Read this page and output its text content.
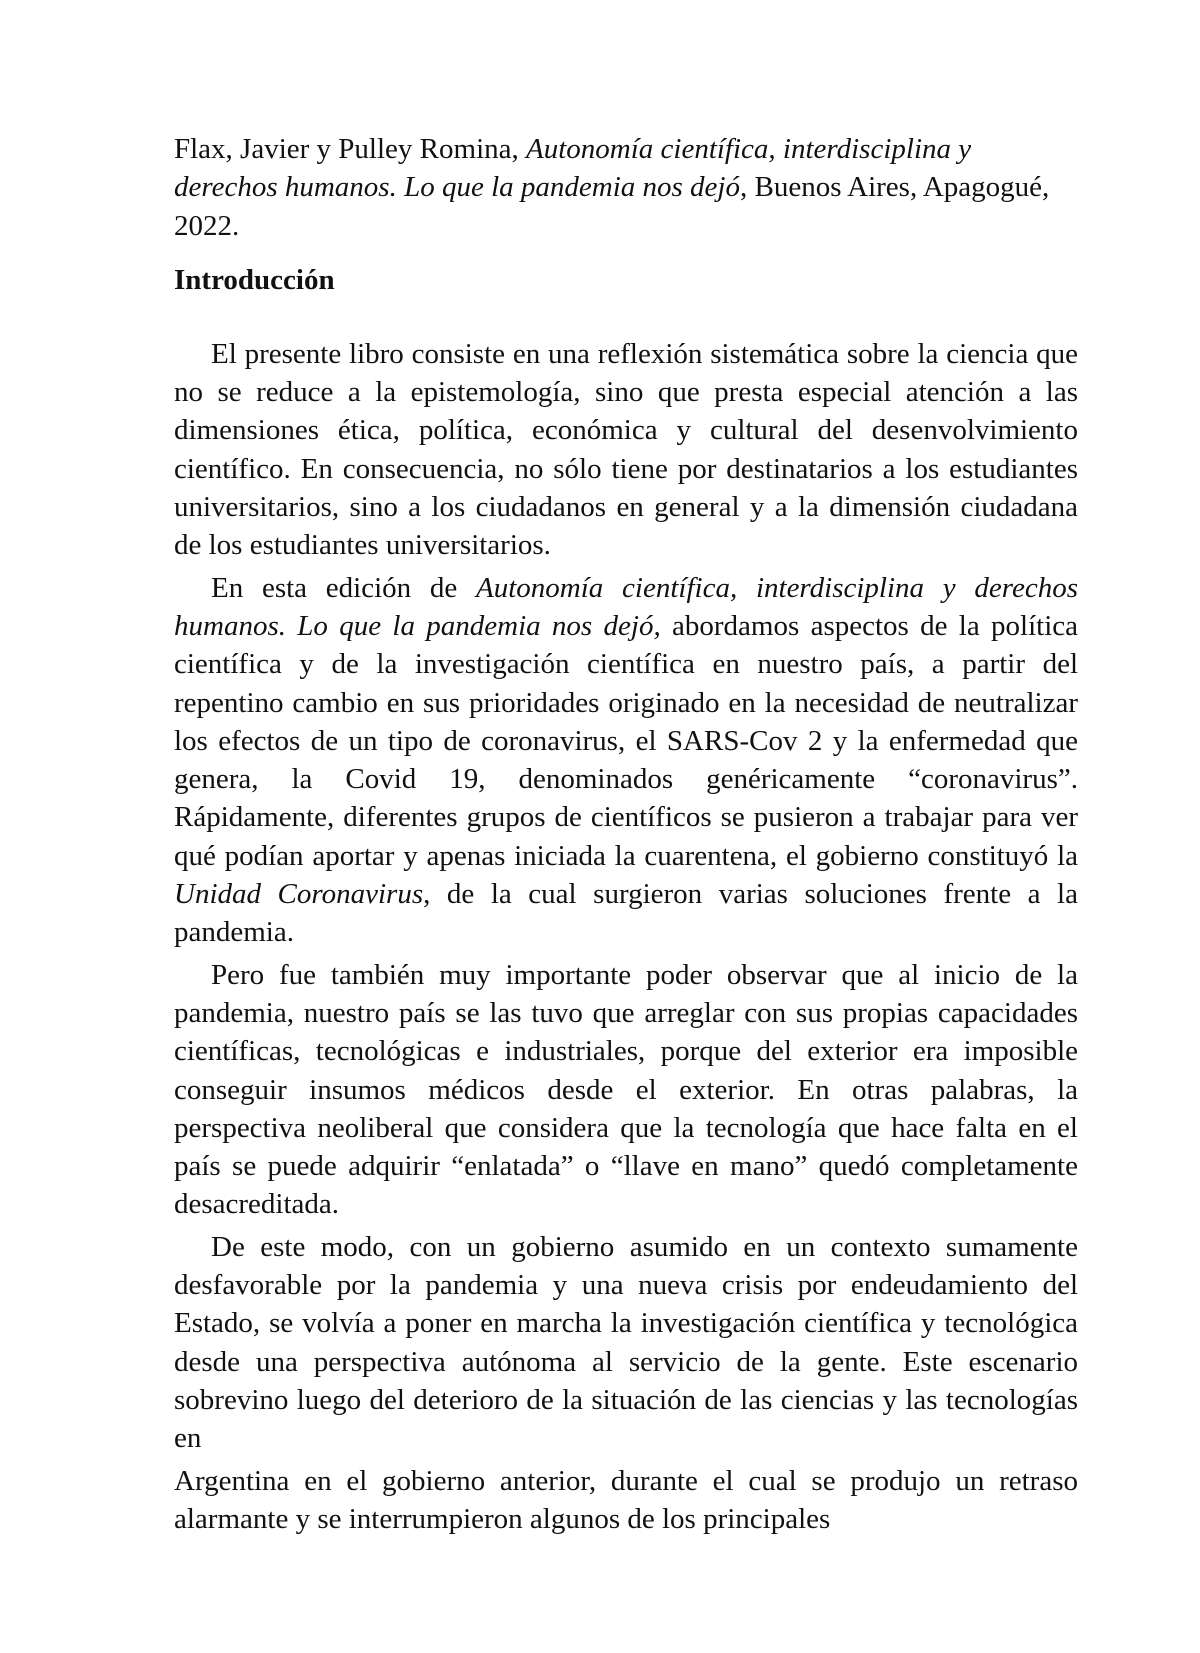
Flax, Javier y Pulley Romina, Autonomía científica, interdisciplina y derechos humanos. Lo que la pandemia nos dejó, Buenos Aires, Apagogué, 2022.

Introducción

El presente libro consiste en una reflexión sistemática sobre la ciencia que no se reduce a la epistemología, sino que presta especial atención a las dimensiones ética, política, económica y cultural del desenvolvimiento científico. En consecuencia, no sólo tiene por destinatarios a los estudiantes universitarios, sino a los ciudadanos en general y a la dimensión ciudadana de los estudiantes universitarios.

En esta edición de Autonomía científica, interdisciplina y derechos humanos. Lo que la pandemia nos dejó, abordamos aspectos de la política científica y de la investigación científica en nuestro país, a partir del repentino cambio en sus prioridades originado en la necesidad de neutralizar los efectos de un tipo de coronavirus, el SARS-Cov 2 y la enfermedad que genera, la Covid 19, denominados genéricamente “coronavirus”. Rápidamente, diferentes grupos de científicos se pusieron a trabajar para ver qué podían aportar y apenas iniciada la cuarentena, el gobierno constituyó la Unidad Coronavirus, de la cual surgieron varias soluciones frente a la pandemia.

Pero fue también muy importante poder observar que al inicio de la pandemia, nuestro país se las tuvo que arreglar con sus propias capacidades científicas, tecnológicas e industriales, porque del exterior era imposible conseguir insumos médicos desde el exterior. En otras palabras, la perspectiva neoliberal que considera que la tecnología que hace falta en el país se puede adquirir “enlatada” o “llave en mano” quedó completamente desacreditada.

De este modo, con un gobierno asumido en un contexto sumamente desfavorable por la pandemia y una nueva crisis por endeudamiento del Estado, se volvía a poner en marcha la investigación científica y tecnológica desde una perspectiva autónoma al servicio de la gente. Este escenario sobrevino luego del deterioro de la situación de las ciencias y las tecnologías en

Argentina en el gobierno anterior, durante el cual se produjo un retraso alarmante y se interrumpieron algunos de los principales
